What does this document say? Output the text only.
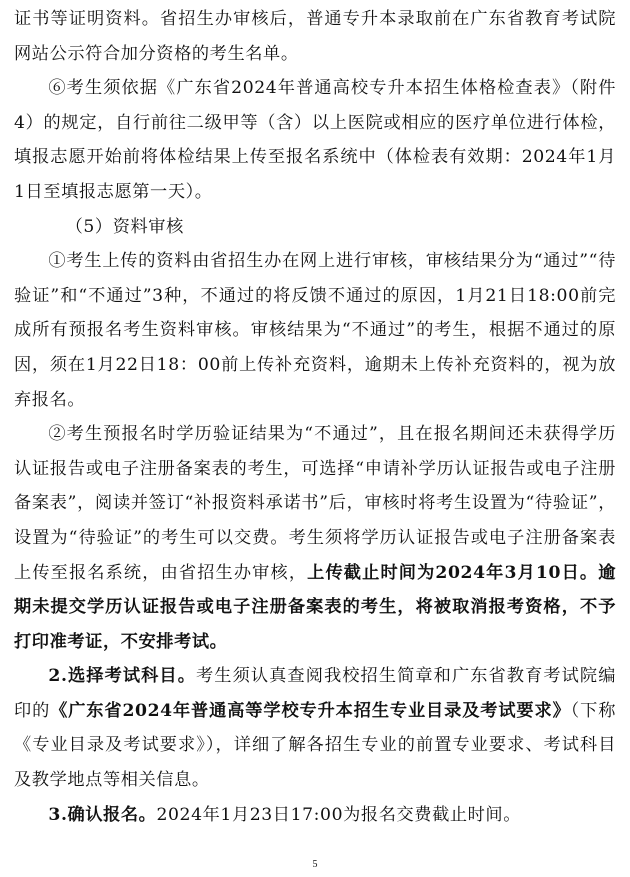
证书等证明资料。省招生办审核后，普通专升本录取前在广东省教育考试院网站公示符合加分资格的考生名单。

⑥考生须依据《广东省2024年普通高校专升本招生体格检查表》（附件4）的规定，自行前往二级甲等（含）以上医院或相应的医疗单位进行体检，填报志愿开始前将体检结果上传至报名系统中（体检表有效期：2024年1月1日至填报志愿第一天）。

（5）资料审核

①考生上传的资料由省招生办在网上进行审核，审核结果分为“通过”“待验证”和“不通过”3种，不通过的将反馈不通过的原因，1月21日18:00前完成所有预报名考生资料审核。审核结果为“不通过”的考生，根据不通过的原因，须在1月22日18：00前上传补充资料，逾期未上传补充资料的，视为放弃报名。

②考生预报名时学历验证结果为“不通过”，且在报名期间还未获得学历认证报告或电子注册备案表的考生，可选择“申请补学历认证报告或电子注册备案表”，阅读并签订“补报资料承诺书”后，审核时将考生设置为“待验证”，设置为“待验证”的考生可以交费。考生须将学历认证报告或电子注册备案表上传至报名系统，由省招生办审核，上传截止时间为2024年3月10日。逾期未提交学历认证报告或电子注册备案表的考生，将被取消报考资格，不予打印准考证，不安排考试。

2.选择考试科目。考生须认真查阅我校招生简章和广东省教育考试院编印的《广东省2024年普通高等学校专升本招生专业目录及考试要求》（下称《专业目录及考试要求》），详细了解各招生专业的前置专业要求、考试科目及教学地点等相关信息。

3.确认报名。2024年1月23日17:00为报名交费截止时间。

5
